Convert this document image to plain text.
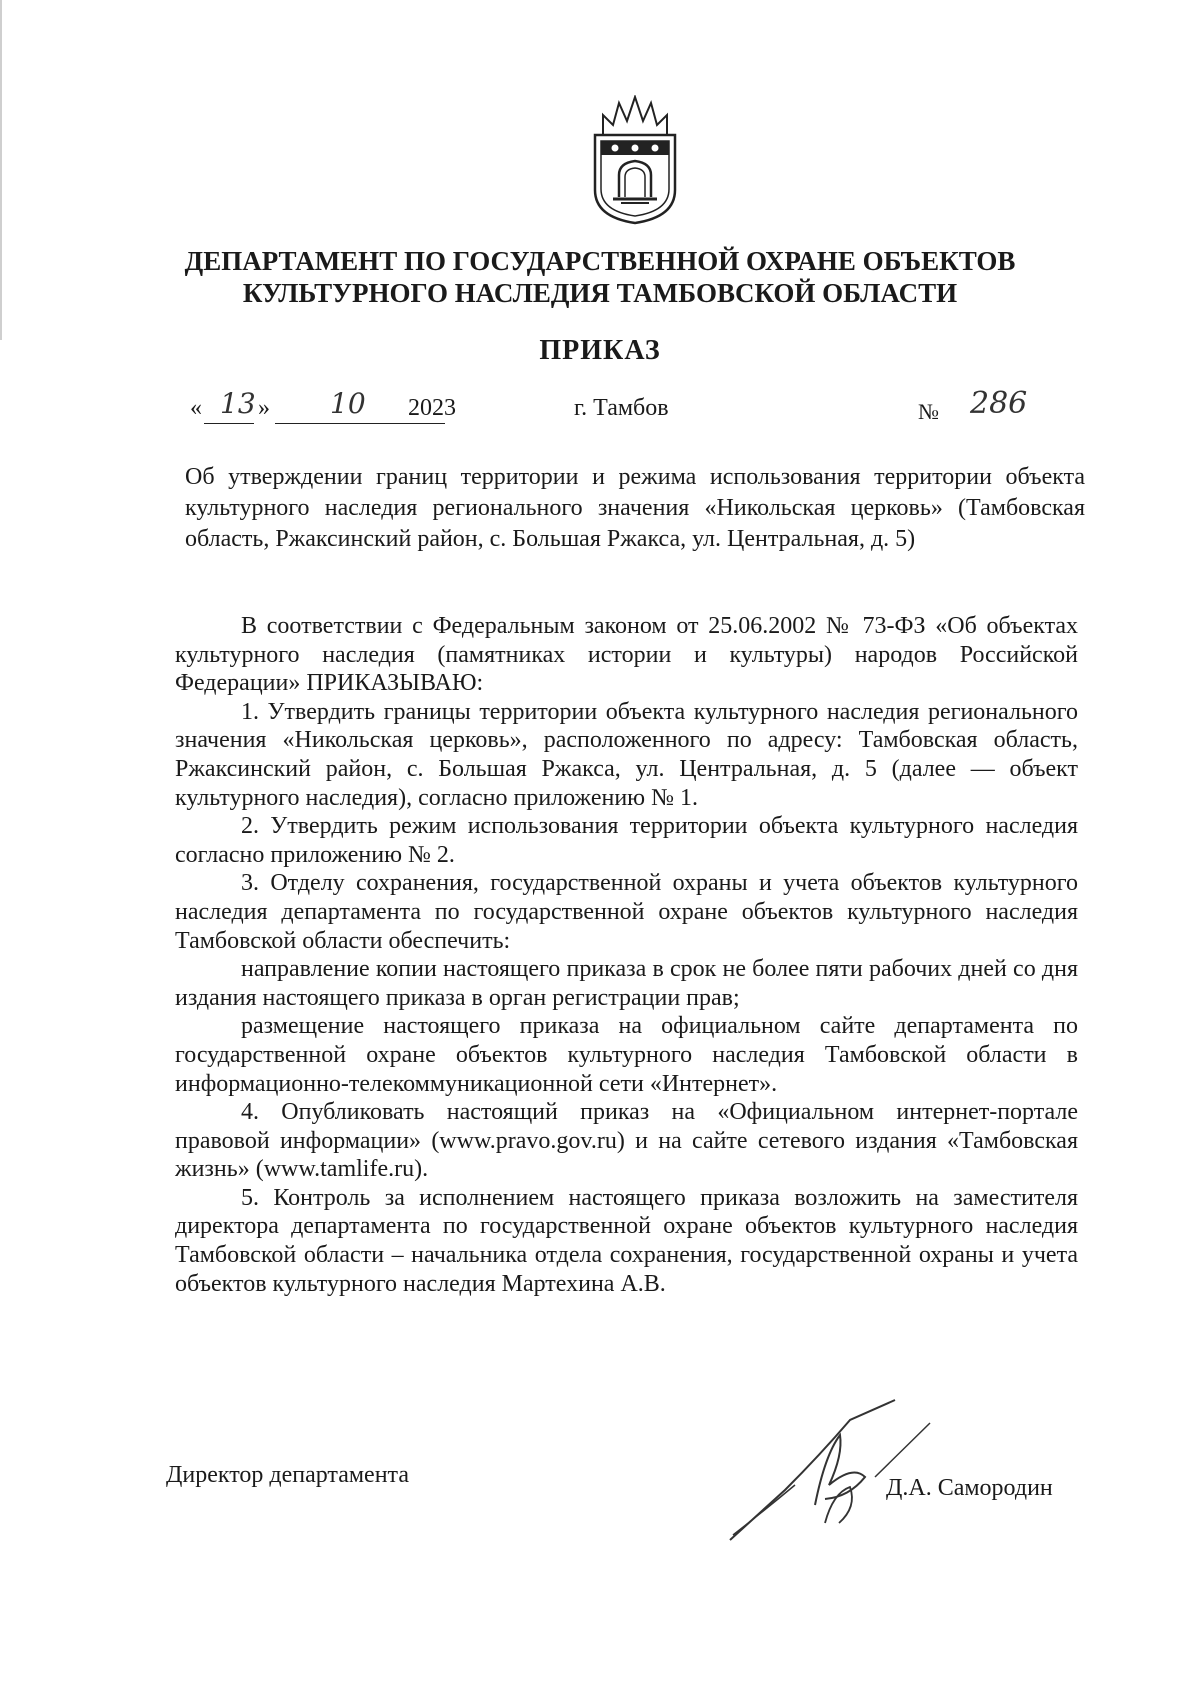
ДЕПАРТАМЕНТ ПО ГОСУДАРСТВЕННОЙ ОХРАНЕ ОБЪЕКТОВ КУЛЬТУРНОГО НАСЛЕДИЯ ТАМБОВСКОЙ ОБЛАСТИ
ПРИКАЗ
« 13 » 10 2023	г. Тамбов	№ 286
Об утверждении границ территории и режима использования территории объекта культурного наследия регионального значения «Никольская церковь» (Тамбовская область, Ржаксинский район, с. Большая Ржакса, ул. Центральная, д. 5)

В соответствии с Федеральным законом от 25.06.2002 № 73-ФЗ «Об объектах культурного наследия (памятниках истории и культуры) народов Российской Федерации» ПРИКАЗЫВАЮ:

1. Утвердить границы территории объекта культурного наследия регионального значения «Никольская церковь», расположенного по адресу: Тамбовская область, Ржаксинский район, с. Большая Ржакса, ул. Центральная, д. 5 (далее — объект культурного наследия), согласно приложению № 1.

2. Утвердить режим использования территории объекта культурного наследия согласно приложению № 2.

3. Отделу сохранения, государственной охраны и учета объектов культурного наследия департамента по государственной охране объектов культурного наследия Тамбовской области обеспечить:

направление копии настоящего приказа в срок не более пяти рабочих дней со дня издания настоящего приказа в орган регистрации прав;

размещение настоящего приказа на официальном сайте департамента по государственной охране объектов культурного наследия Тамбовской области в информационно-телекоммуникационной сети «Интернет».

4. Опубликовать настоящий приказ на «Официальном интернет-портале правовой информации» (www.pravo.gov.ru) и на сайте сетевого издания «Тамбовская жизнь» (www.tamlife.ru).

5. Контроль за исполнением настоящего приказа возложить на заместителя директора департамента по государственной охране объектов культурного наследия Тамбовской области – начальника отдела сохранения, государственной охраны и учета объектов культурного наследия Мартехина А.В.

Директор департамента	Д.А. Самородин
